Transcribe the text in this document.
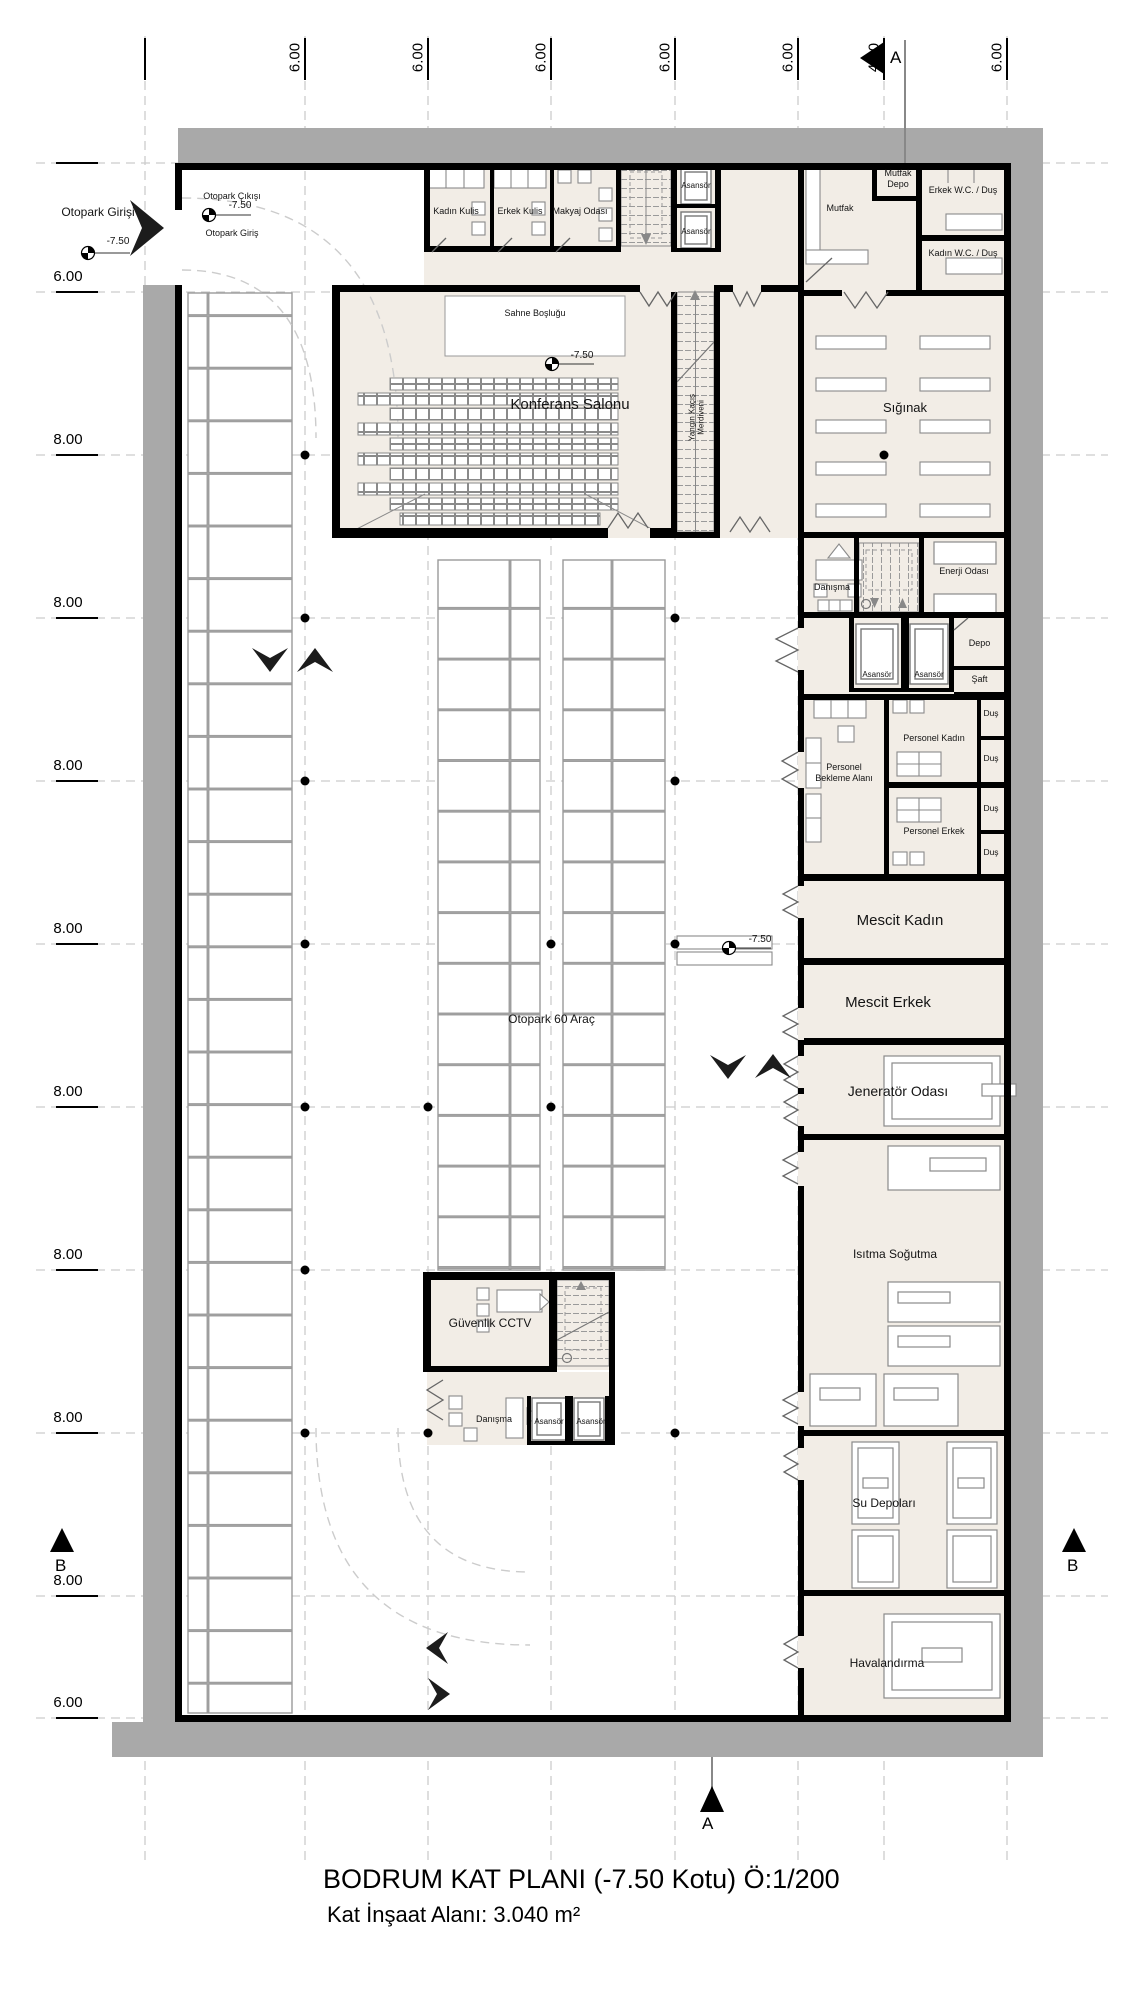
6.00	6.00	6.00	6.00	6.00	4.00	6.00
6.00
8.00
8.00
8.00
8.00
8.00
8.00
8.00
8.00
6.00
A
A
B	B
Otopark Girişi
-7.50
Otopark Çıkışı
-7.50
Otopark Giriş
Kadın Kulis	Erkek Kulis	Makyaj Odası
Asansör
Asansör
Mutfak
Mutfak Depo
Erkek W.C. / Duş
Kadın W.C. / Duş
Sahne Boşluğu
-7.50
Konferans Salonu	Yangın Kaçış Merdiveni	Sığınak
Danışma
Enerji Odası
Depo
Şaft
Asansör	Asansör
Duş
Duş
Duş
Duş
Personel Bekleme Alanı
Personel Kadın
Personel Erkek
Mescit Kadın
Mescit Erkek
Jeneratör Odası
Isıtma Soğutma
Su Depoları
Havalandırma
Otopark 60 Araç
-7.50
Güvenlik CCTV
Danışma	Asansör	Asansör
BODRUM KAT PLANI (-7.50 Kotu) Ö:1/200
Kat İnşaat Alanı: 3.040 m²
